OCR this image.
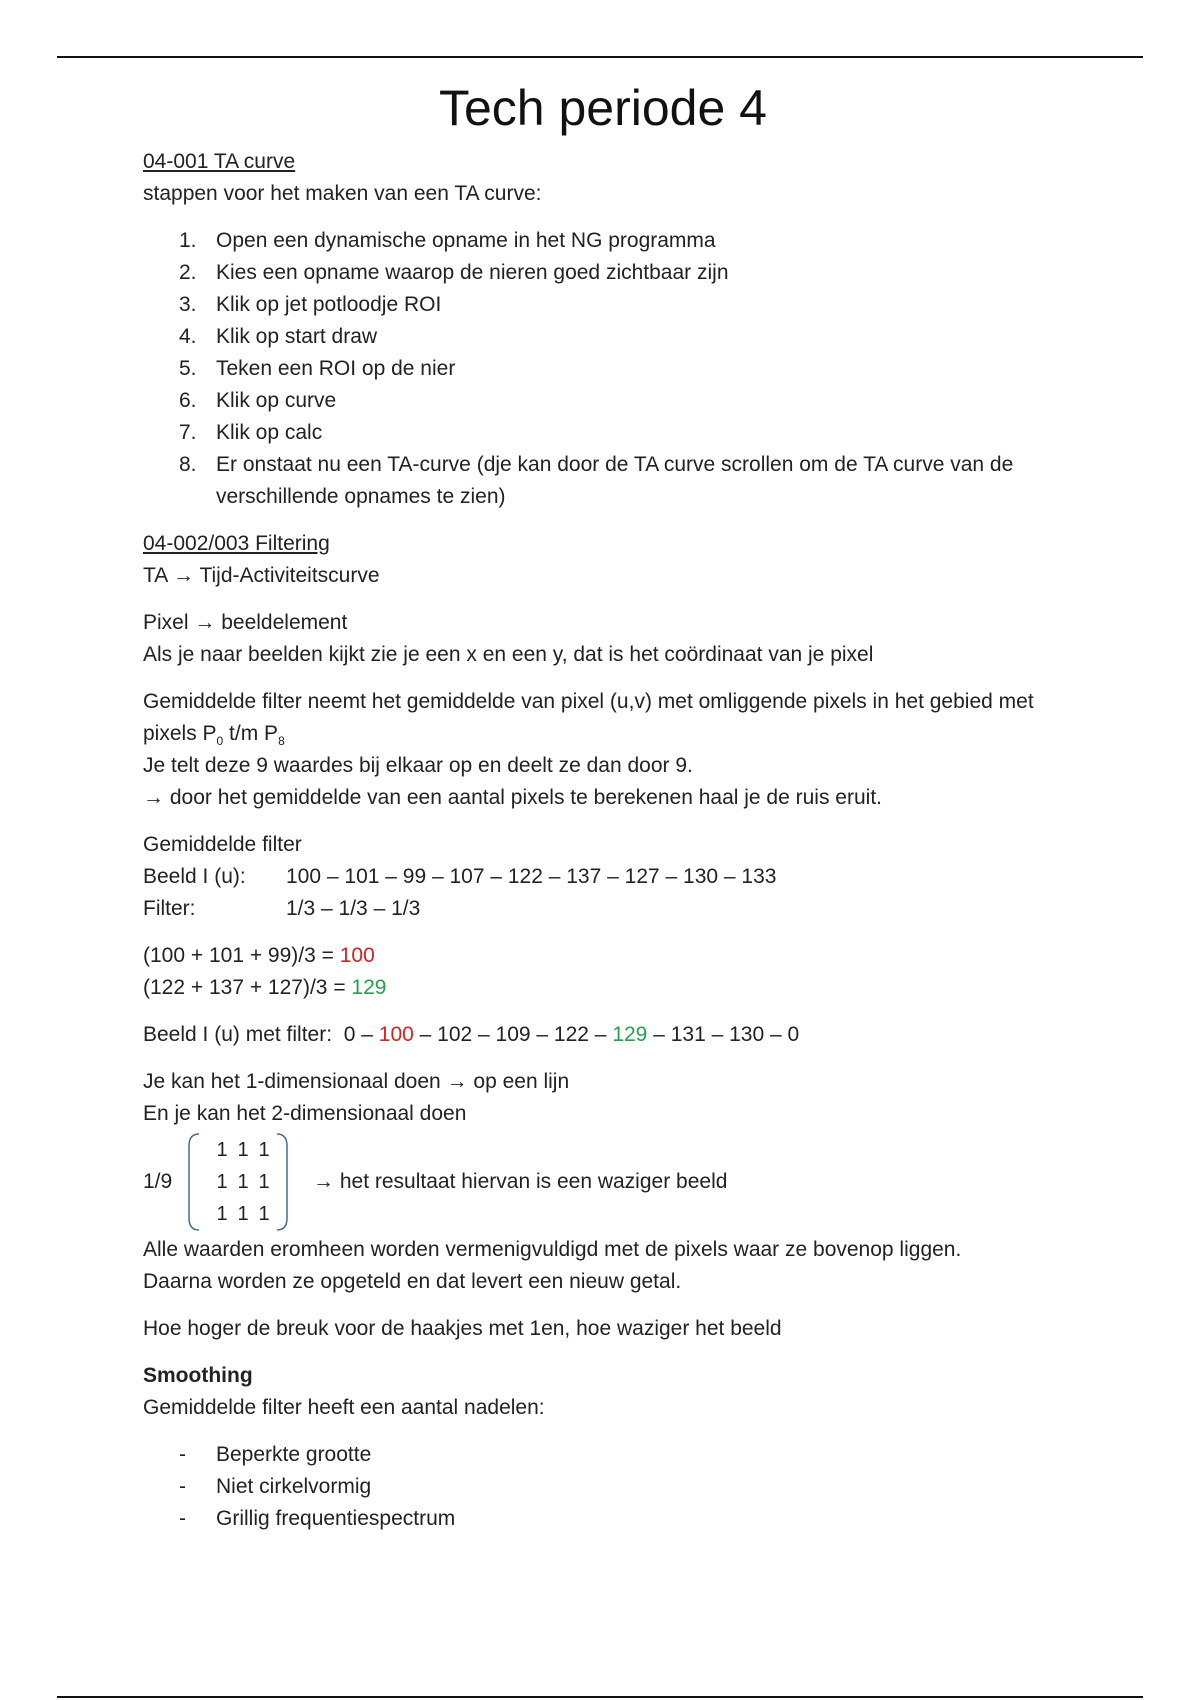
Tech periode 4

04-001 TA curve

stappen voor het maken van een TA curve:

1. Open een dynamische opname in het NG programma
2. Kies een opname waarop de nieren goed zichtbaar zijn
3. Klik op jet potloodje ROI
4. Klik op start draw
5. Teken een ROI op de nier
6. Klik op curve
7. Klik op calc
8. Er onstaat nu een TA-curve (dje kan door de TA curve scrollen om de TA curve van de verschillende opnames te zien)

04-002/003 Filtering

TA → Tijd-Activiteitscurve

Pixel → beeldelement

Als je naar beelden kijkt zie je een x en een y, dat is het coördinaat van je pixel

Gemiddelde filter neemt het gemiddelde van pixel (u,v) met omliggende pixels in het gebied met pixels $P_0$ t/m $P_8$

Je telt deze 9 waardes bij elkaar op en deelt ze dan door 9.

→ door het gemiddelde van een aantal pixels te berekenen haal je de ruis eruit.

Gemiddelde filter

Beeld I (u):	100 – 101 – 99 – 107 – 122 – 137 – 127 – 130 – 133
Filter:	1/3 – 1/3 – 1/3

(100 + 101 + 99)/3 = 100

(122 + 137 + 127)/3 = 129

Beeld I (u) met filter: 0 – 100 – 102 – 109 – 122 – 129 – 131 – 130 – 0

Je kan het 1-dimensionaal doen → op een lijn

En je kan het 2-dimensionaal doen

1/9
1 1 1
1 1 1
1 1 1
→ het resultaat hiervan is een waziger beeld

Alle waarden eromheen worden vermenigvuldigd met de pixels waar ze bovenop liggen.

Daarna worden ze opgeteld en dat levert een nieuw getal.

Hoe hoger de breuk voor de haakjes met 1en, hoe waziger het beeld

Smoothing

Gemiddelde filter heeft een aantal nadelen:

- Beperkte grootte
- Niet cirkelvormig
- Grillig frequentiespectrum
